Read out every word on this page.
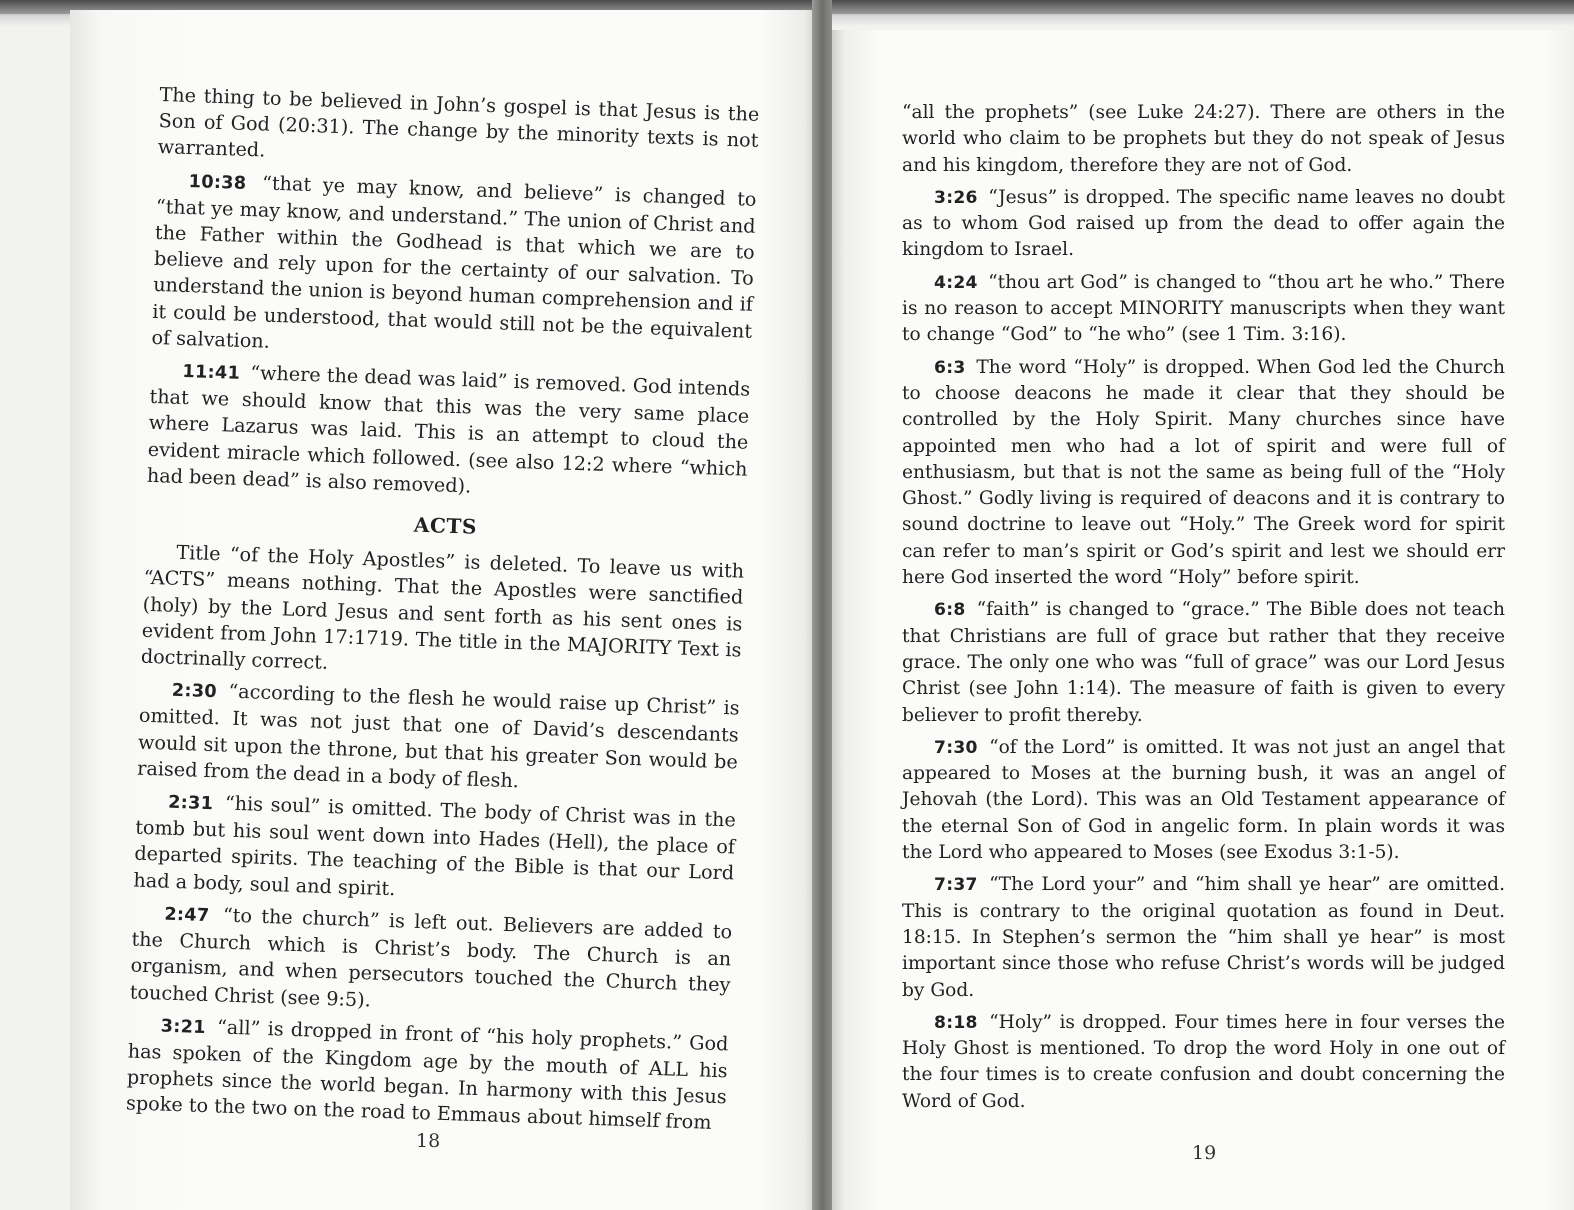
The thing to be believed in John’s gospel is that Jesus is the Son of God (20:31). The change by the minority texts is not warranted.

10:38 “that ye may know, and believe” is changed to “that ye may know, and understand.” The union of Christ and the Father within the Godhead is that which we are to believe and rely upon for the certainty of our salvation. To understand the union is beyond human comprehension and if it could be understood, that would still not be the equivalent of salvation.

11:41 “where the dead was laid” is removed. God intends that we should know that this was the very same place where Lazarus was laid. This is an attempt to cloud the evident miracle which followed. (see also 12:2 where “which had been dead” is also removed).

ACTS

Title “of the Holy Apostles” is deleted. To leave us with “ACTS” means nothing. That the Apostles were sanctified (holy) by the Lord Jesus and sent forth as his sent ones is evident from John 17:1719. The title in the MAJORITY Text is doctrinally correct.

2:30 “according to the flesh he would raise up Christ” is omitted. It was not just that one of David’s descendants would sit upon the throne, but that his greater Son would be raised from the dead in a body of flesh.

2:31 “his soul” is omitted. The body of Christ was in the tomb but his soul went down into Hades (Hell), the place of departed spirits. The teaching of the Bible is that our Lord had a body, soul and spirit.

2:47 “to the church” is left out. Believers are added to the Church which is Christ’s body. The Church is an organism, and when persecutors touched the Church they touched Christ (see 9:5).

3:21 “all” is dropped in front of “his holy prophets.” God has spoken of the Kingdom age by the mouth of ALL his prophets since the world began. In harmony with this Jesus spoke to the two on the road to Emmaus about himself from

18

“all the prophets” (see Luke 24:27). There are others in the world who claim to be prophets but they do not speak of Jesus and his kingdom, therefore they are not of God.

3:26 “Jesus” is dropped. The specific name leaves no doubt as to whom God raised up from the dead to offer again the kingdom to Israel.

4:24 “thou art God” is changed to “thou art he who.” There is no reason to accept MINORITY manuscripts when they want to change “God” to “he who” (see 1 Tim. 3:16).

6:3 The word “Holy” is dropped. When God led the Church to choose deacons he made it clear that they should be controlled by the Holy Spirit. Many churches since have appointed men who had a lot of spirit and were full of enthusiasm, but that is not the same as being full of the “Holy Ghost.” Godly living is required of deacons and it is contrary to sound doctrine to leave out “Holy.” The Greek word for spirit can refer to man’s spirit or God’s spirit and lest we should err here God inserted the word “Holy” before spirit.

6:8 “faith” is changed to “grace.” The Bible does not teach that Christians are full of grace but rather that they receive grace. The only one who was “full of grace” was our Lord Jesus Christ (see John 1:14). The measure of faith is given to every believer to profit thereby.

7:30 “of the Lord” is omitted. It was not just an angel that appeared to Moses at the burning bush, it was an angel of Jehovah (the Lord). This was an Old Testament appearance of the eternal Son of God in angelic form. In plain words it was the Lord who appeared to Moses (see Exodus 3:1-5).

7:37 “The Lord your” and “him shall ye hear” are omitted. This is contrary to the original quotation as found in Deut. 18:15. In Stephen’s sermon the “him shall ye hear” is most important since those who refuse Christ’s words will be judged by God.

8:18 “Holy” is dropped. Four times here in four verses the Holy Ghost is mentioned. To drop the word Holy in one out of the four times is to create confusion and doubt concerning the Word of God.

19
